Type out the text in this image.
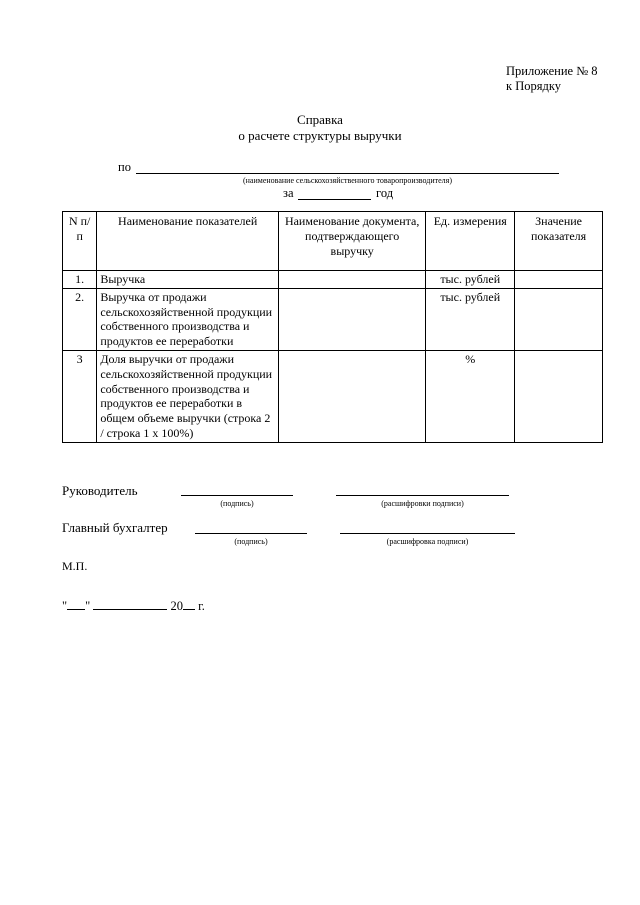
Приложение № 8
к Порядку
Справка
о расчете структуры выручки
по
(наименование сельскохозяйственного товаропроизводителя)
за	год
N п/п	Наименование показателей	Наименование документа, подтверждающего выручку	Ед. измерения	Значение показателя
1.	Выручка		тыс. рублей	
2.	Выручка от продажи сельскохозяйственной продукции собственного производства и продуктов ее переработки		тыс. рублей	
3	Доля выручки от продажи сельскохозяйственной продукции собственного производства и продуктов ее переработки в общем объеме выручки (строка 2 / строка 1 x 100%)		%	
Руководитель
(подпись)	(расшифровки подписи)
Главный бухгалтер
(подпись)	(расшифровка подписи)
М.П.
" "	20 г.
